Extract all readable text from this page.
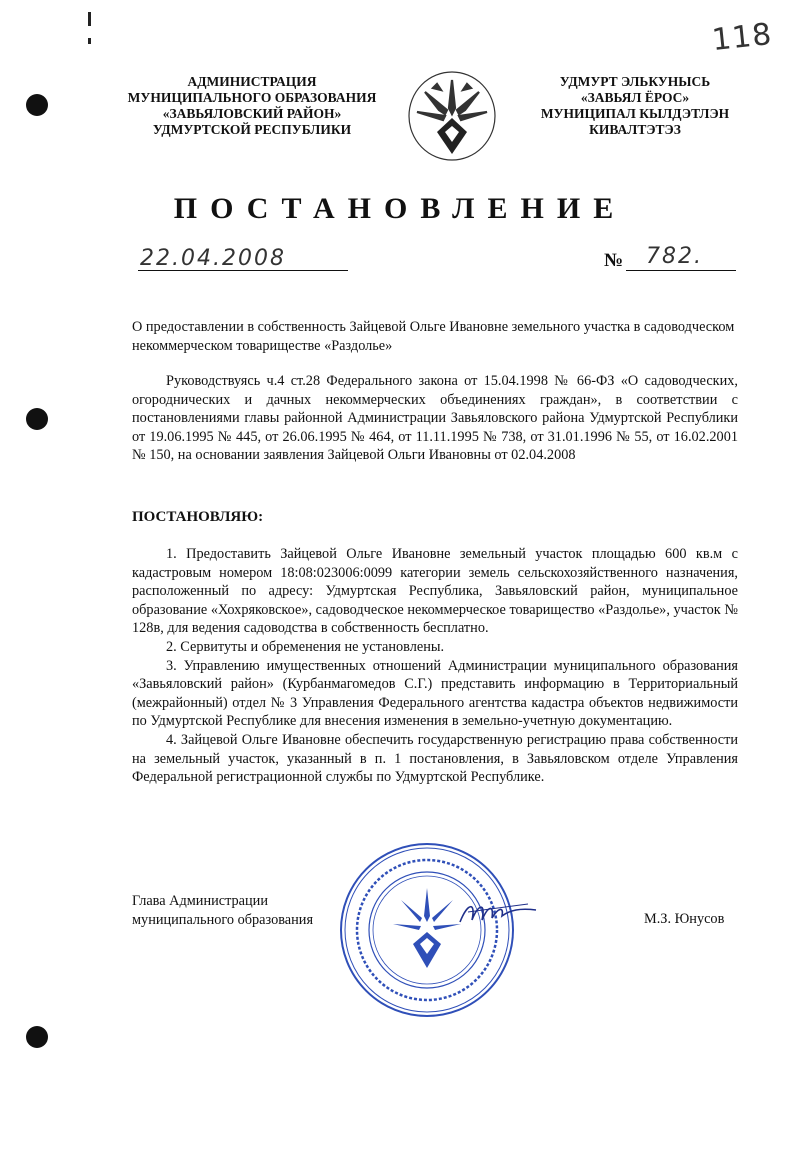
118
АДМИНИСТРАЦИЯ
МУНИЦИПАЛЬНОГО ОБРАЗОВАНИЯ
«ЗАВЬЯЛОВСКИЙ РАЙОН»
УДМУРТСКОЙ РЕСПУБЛИКИ
УДМУРТ ЭЛЬКУНЫСЬ
«ЗАВЬЯЛ ЁРОС»
МУНИЦИПАЛ КЫЛДЭТЛЭН
КИВАЛТЭТЭЗ
ПОСТАНОВЛЕНИЕ
22.04.2008	№ 782.
О предоставлении в собственность Зайцевой Ольге Ивановне земельного участка в садоводческом некоммерческом товариществе «Раздолье»
Руководствуясь ч.4 ст.28 Федерального закона от 15.04.1998 № 66-ФЗ «О садоводческих, огороднических и дачных некоммерческих объединениях граждан», в соответствии с постановлениями главы районной Администрации Завьяловского района Удмуртской Республики от 19.06.1995 № 445, от 26.06.1995 № 464, от 11.11.1995 № 738, от 31.01.1996 № 55, от 16.02.2001 № 150, на основании заявления Зайцевой Ольги Ивановны от 02.04.2008
ПОСТАНОВЛЯЮ:

1. Предоставить Зайцевой Ольге Ивановне земельный участок площадью 600 кв.м с кадастровым номером 18:08:023006:0099 категории земель сельскохозяйственного назначения, расположенный по адресу: Удмуртская Республика, Завьяловский район, муниципальное образование «Хохряковское», садоводческое некоммерческое товарищество «Раздолье», участок № 128в, для ведения садоводства в собственность бесплатно.

2. Сервитуты и обременения не установлены.

3. Управлению имущественных отношений Администрации муниципального образования «Завьяловский район» (Курбанмагомедов С.Г.) представить информацию в Территориальный (межрайонный) отдел № 3 Управления Федерального агентства кадастра объектов недвижимости по Удмуртской Республике для внесения изменения в земельно-учетную документацию.

4. Зайцевой Ольге Ивановне обеспечить государственную регистрацию права собственности на земельный участок, указанный в п. 1 постановления, в Завьяловском отделе Управления Федеральной регистрационной службы по Удмуртской Республике.

Глава Администрации
муниципального образования	М.З. Юнусов
